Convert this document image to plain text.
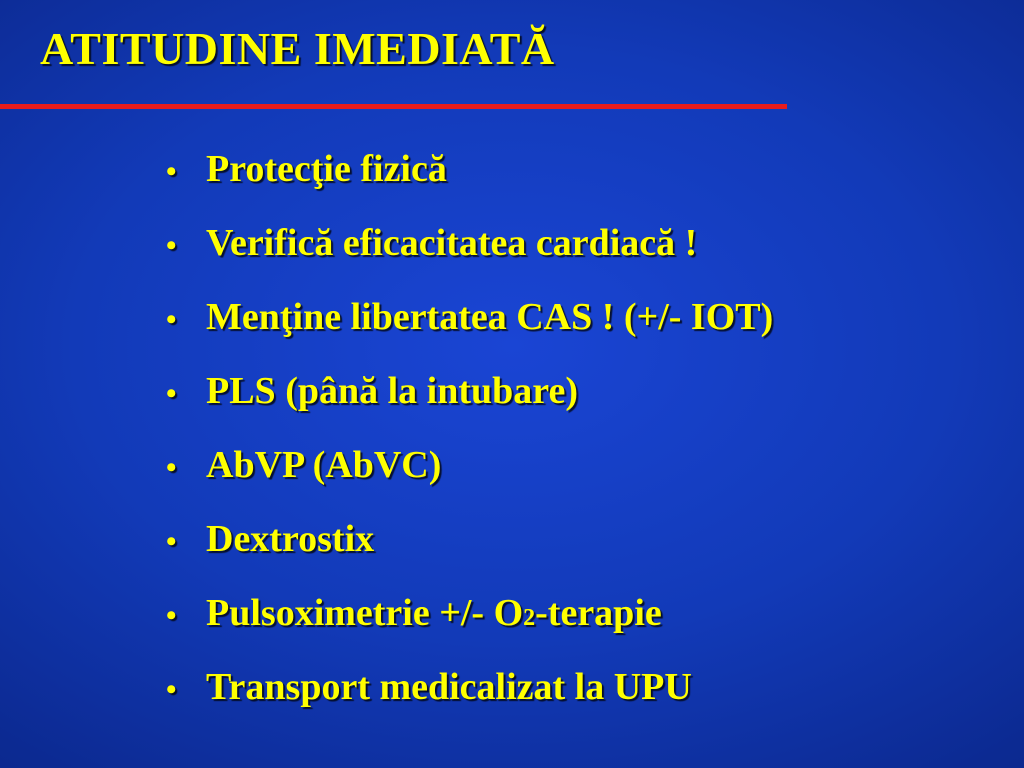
ATITUDINE IMEDIATĂ
• Protecţie fizică
• Verifică eficacitatea cardiacă !
• Menţine libertatea CAS ! (+/- IOT)
• PLS (până la intubare)
• AbVP (AbVC)
• Dextrostix
• Pulsoximetrie +/- O2-terapie
• Transport medicalizat la UPU
